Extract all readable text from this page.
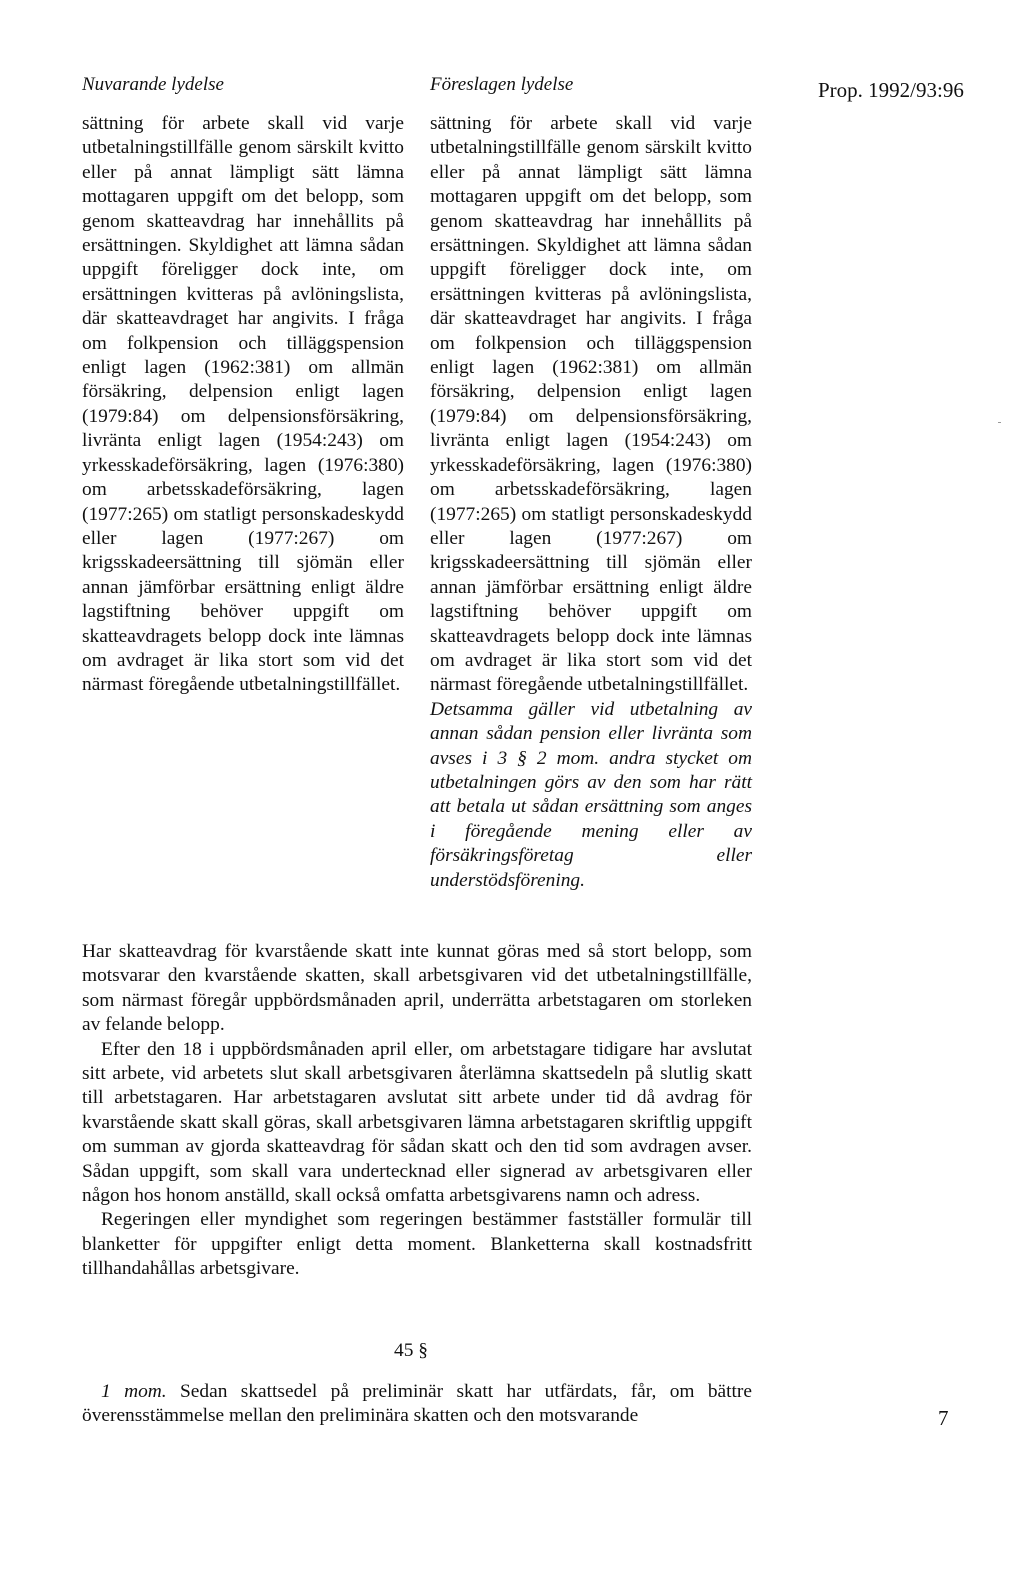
Nuvarande lydelse	Föreslagen lydelse	Prop. 1992/93:96

sättning för arbete skall vid varje utbetalningstillfälle genom särskilt kvitto eller på annat lämpligt sätt lämna mottagaren uppgift om det belopp, som genom skatteavdrag har innehållits på ersättningen. Skyldighet att lämna sådan uppgift föreligger dock inte, om ersättningen kvitteras på avlöningslista, där skatteavdraget har angivits. I fråga om folkpension och tilläggspension enligt lagen (1962:381) om allmän försäkring, delpension enligt lagen (1979:84) om delpensionsförsäkring, livränta enligt lagen (1954:243) om yrkesskadeförsäkring, lagen (1976:380) om arbetsskadeförsäkring, lagen (1977:265) om statligt personskadeskydd eller lagen (1977:267) om krigsskadeersättning till sjömän eller annan jämförbar ersättning enligt äldre lagstiftning behöver uppgift om skatteavdragets belopp dock inte lämnas om avdraget är lika stort som vid det närmast föregående utbetalningstillfället.

sättning för arbete skall vid varje utbetalningstillfälle genom särskilt kvitto eller på annat lämpligt sätt lämna mottagaren uppgift om det belopp, som genom skatteavdrag har innehållits på ersättningen. Skyldighet att lämna sådan uppgift föreligger dock inte, om ersättningen kvitteras på avlöningslista, där skatteavdraget har angivits. I fråga om folkpension och tilläggspension enligt lagen (1962:381) om allmän försäkring, delpension enligt lagen (1979:84) om delpensionsförsäkring, livränta enligt lagen (1954:243) om yrkesskadeförsäkring, lagen (1976:380) om arbetsskadeförsäkring, lagen (1977:265) om statligt personskadeskydd eller lagen (1977:267) om krigsskadeersättning till sjömän eller annan jämförbar ersättning enligt äldre lagstiftning behöver uppgift om skatteavdragets belopp dock inte lämnas om avdraget är lika stort som vid det närmast föregående utbetalningstillfället.

Detsamma gäller vid utbetalning av annan sådan pension eller livränta som avses i 3 § 2 mom. andra stycket om utbetalningen görs av den som har rätt att betala ut sådan ersättning som anges i föregående mening eller av försäkringsföretag eller understödsförening.

Har skatteavdrag för kvarstående skatt inte kunnat göras med så stort belopp, som motsvarar den kvarstående skatten, skall arbetsgivaren vid det utbetalningstillfälle, som närmast föregår uppbördsmånaden april, underrätta arbetstagaren om storleken av felande belopp.

Efter den 18 i uppbördsmånaden april eller, om arbetstagare tidigare har avslutat sitt arbete, vid arbetets slut skall arbetsgivaren återlämna skattsedeln på slutlig skatt till arbetstagaren. Har arbetstagaren avslutat sitt arbete under tid då avdrag för kvarstående skatt skall göras, skall arbetsgivaren lämna arbetstagaren skriftlig uppgift om summan av gjorda skatteavdrag för sådan skatt och den tid som avdragen avser. Sådan uppgift, som skall vara undertecknad eller signerad av arbetsgivaren eller någon hos honom anställd, skall också omfatta arbetsgivarens namn och adress.

Regeringen eller myndighet som regeringen bestämmer fastställer formulär till blanketter för uppgifter enligt detta moment. Blanketterna skall kostnadsfritt tillhandahållas arbetsgivare.

45 §
1 mom. Sedan skattsedel på preliminär skatt har utfärdats, får, om bättre överensstämmelse mellan den preliminära skatten och den motsvarande	7
